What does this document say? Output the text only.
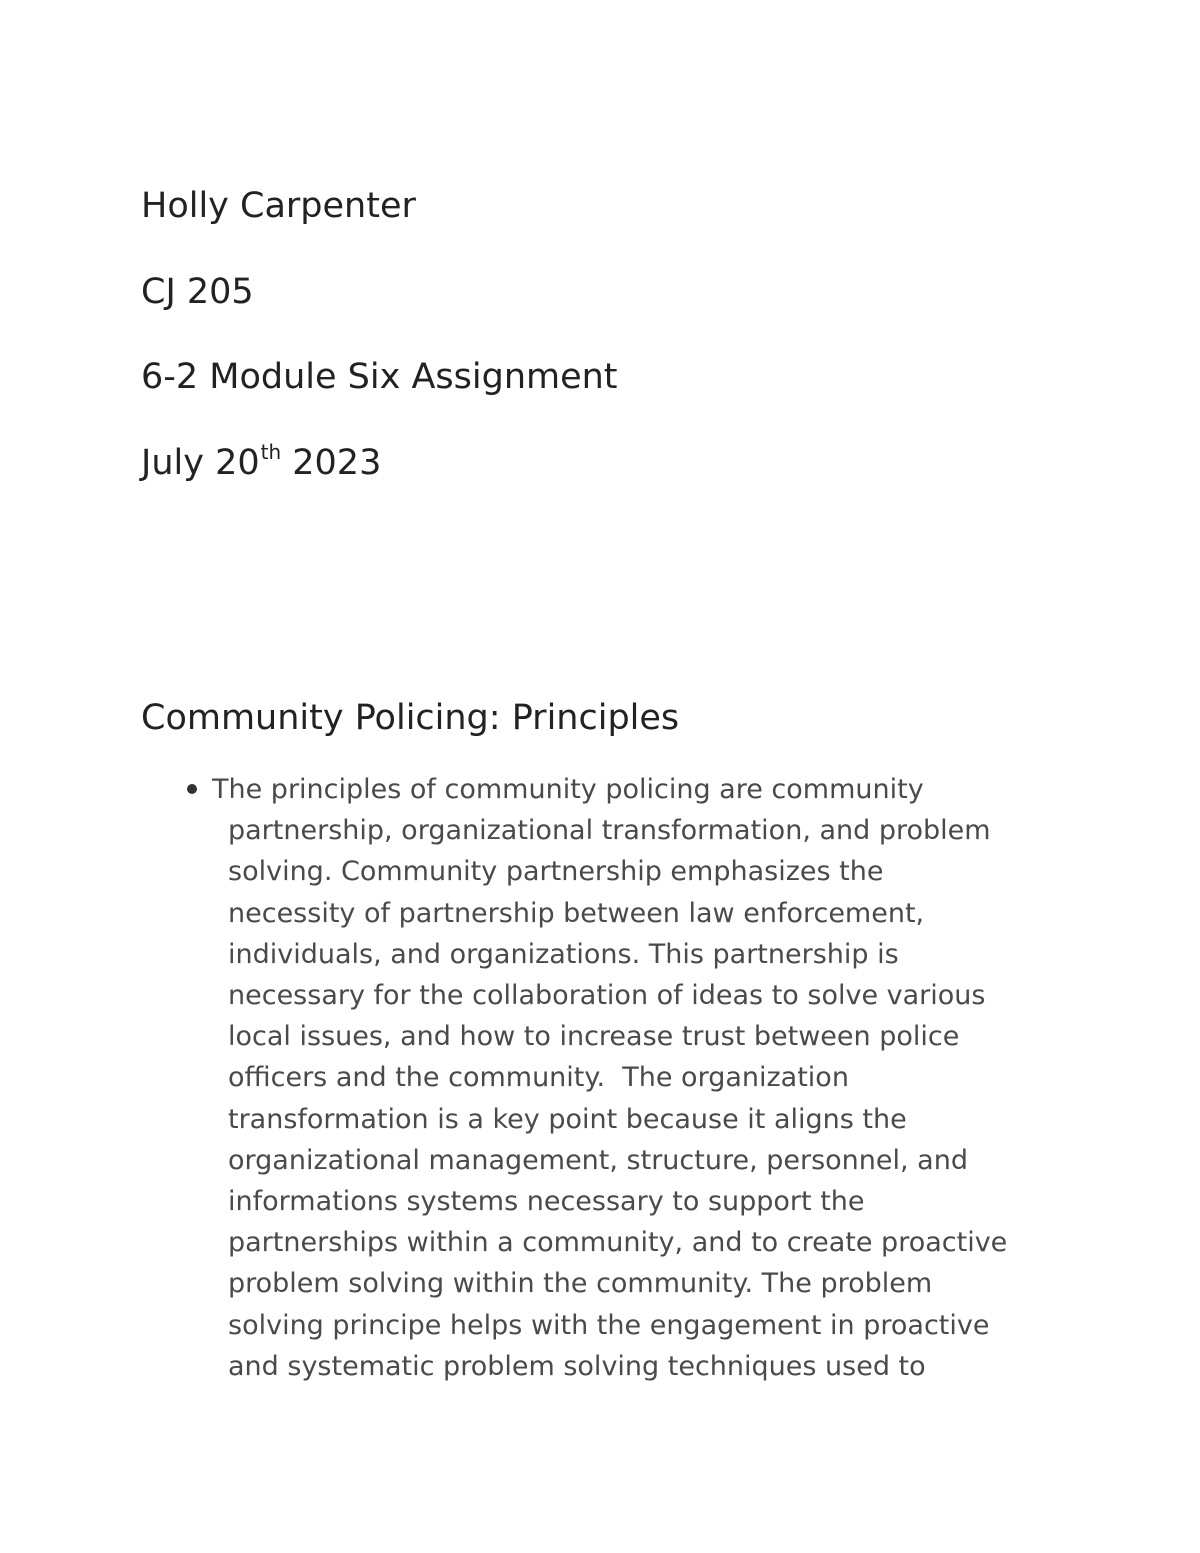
Holly Carpenter

CJ 205

6-2 Module Six Assignment

July 20th 2023

Community Policing: Principles
The principles of community policing are community
partnership, organizational transformation, and problem
solving. Community partnership emphasizes the
necessity of partnership between law enforcement,
individuals, and organizations. This partnership is
necessary for the collaboration of ideas to solve various
local issues, and how to increase trust between police
officers and the community.  The organization
transformation is a key point because it aligns the
organizational management, structure, personnel, and
informations systems necessary to support the
partnerships within a community, and to create proactive
problem solving within the community. The problem
solving principe helps with the engagement in proactive
and systematic problem solving techniques used to
